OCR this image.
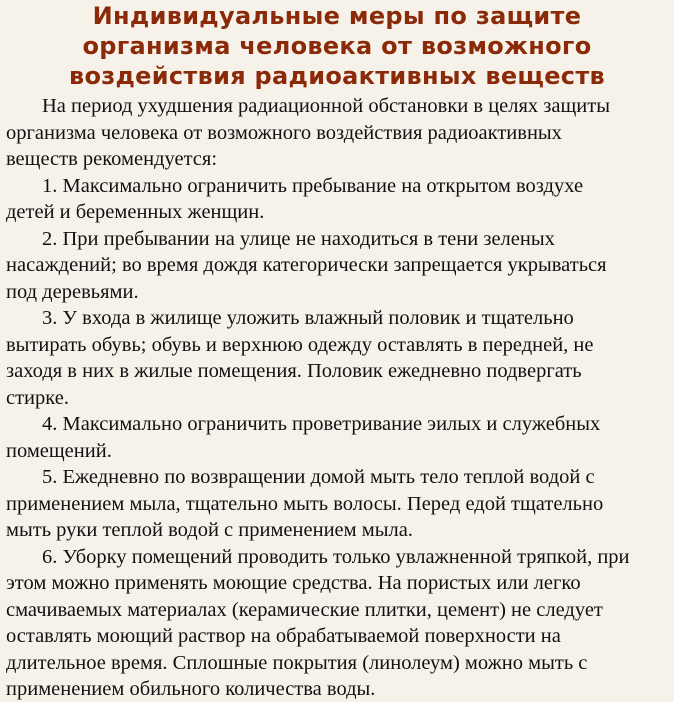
Индивидуальные меры по защите
организма человека от возможного
воздействия радиоактивных веществ

На период ухудшения радиационной обстановки в целях защиты
организма человека от возможного воздействия радиоактивных
веществ рекомендуется:

1. Максимально ограничить пребывание на открытом воздухе
детей и беременных женщин.

2. При пребывании на улице не находиться в тени зеленых
насаждений; во время дождя категорически запрещается укрываться
под деревьями.

3. У входа в жилище уложить влажный половик и тщательно
вытирать обувь; обувь и верхнюю одежду оставлять в передней, не
заходя в них в жилые помещения. Половик ежедневно подвергать
стирке.

4. Максимально ограничить проветривание эилых и служебных
помещений.

5. Ежедневно по возвращении домой мыть тело теплой водой с
применением мыла, тщательно мыть волосы. Перед едой тщательно
мыть руки теплой водой с применением мыла.

6. Уборку помещений проводить только увлажненной тряпкой, при
этом можно применять моющие средства. На пористых или легко
смачиваемых материалах (керамические плитки, цемент) не следует
оставлять моющий раствор на обрабатываемой поверхности на
длительное время. Сплошные покрытия (линолеум) можно мыть с
применением обильного количества воды.	@平阳法院服务
